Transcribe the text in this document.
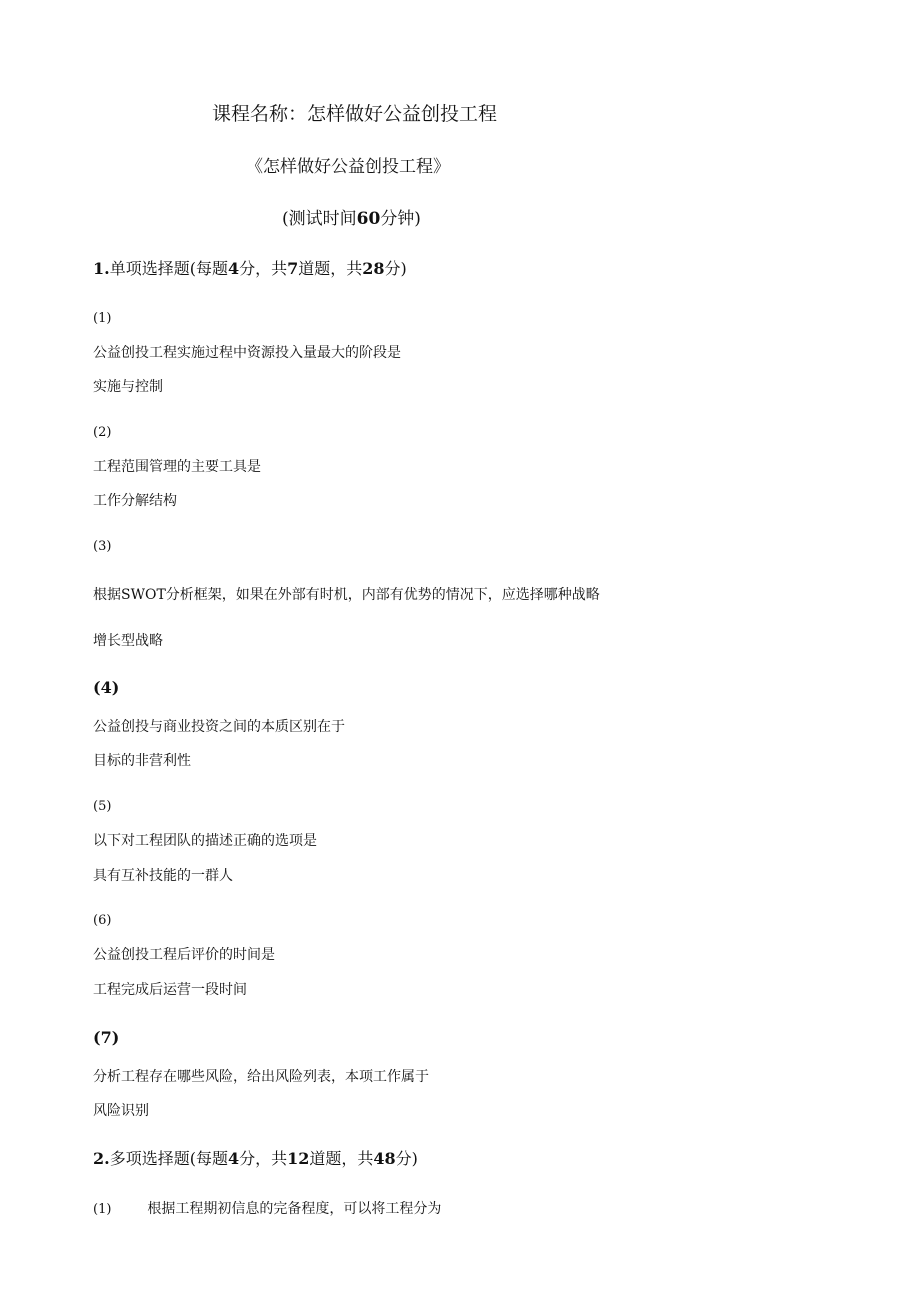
课程名称：怎样做好公益创投工程
《怎样做好公益创投工程》
(测试时间60分钟)
1.单项选择题(每题4分，共7道题，共28分)
(1)
公益创投工程实施过程中资源投入量最大的阶段是
实施与控制
(2)
工程范围管理的主要工具是
工作分解结构
(3)
根据SWOT分析框架，如果在外部有时机，内部有优势的情况下，应选择哪种战略
增长型战略
(4)
公益创投与商业投资之间的本质区别在于
目标的非营利性
(5)
以下对工程团队的描述正确的选项是
具有互补技能的一群人
(6)
公益创投工程后评价的时间是
工程完成后运营一段时间
(7)
分析工程存在哪些风险，给出风险列表，本项工作属于
风险识别
2.多项选择题(每题4分，共12道题，共48分)
(1)	根据工程期初信息的完备程度，可以将工程分为
